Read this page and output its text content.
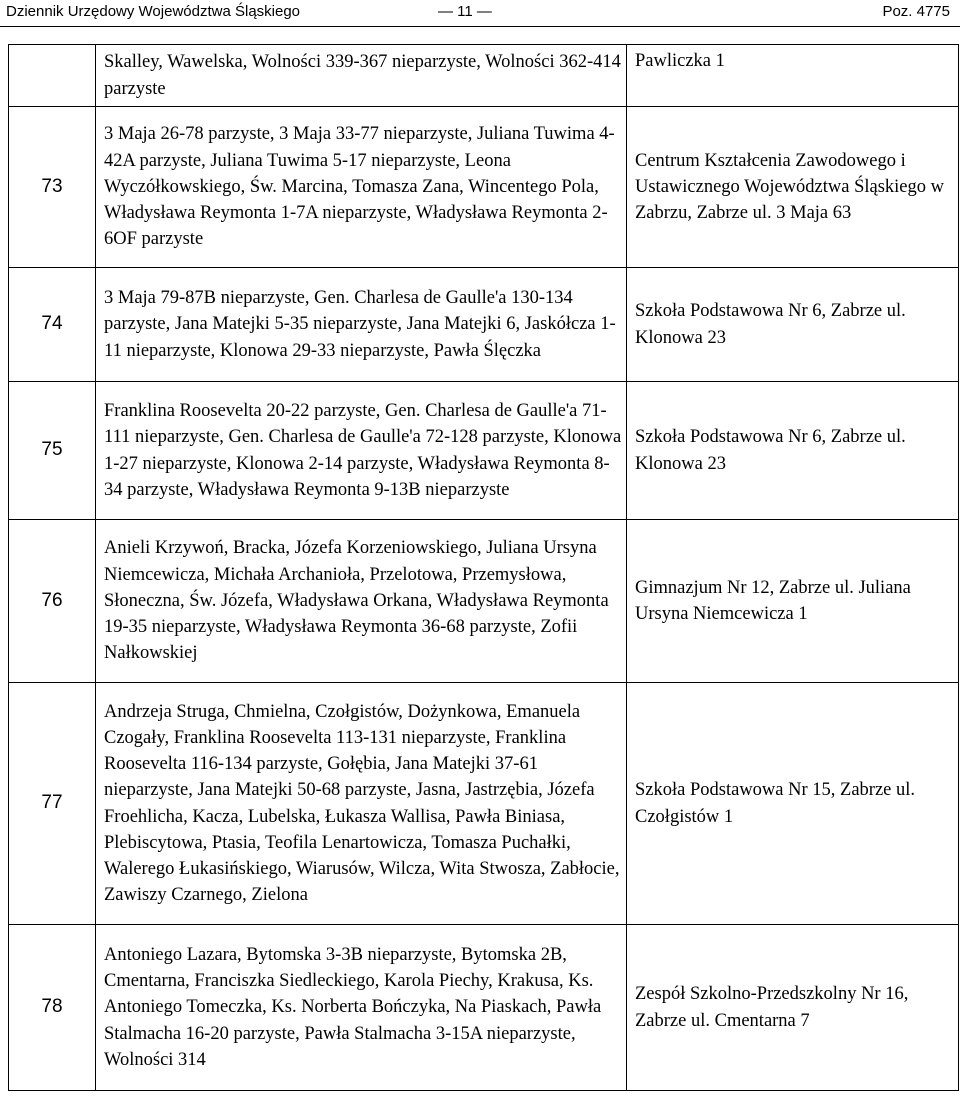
Dziennik Urzędowy Województwa Śląskiego	— 11 —	Poz. 4775
	Skalley, Wawelska, Wolności 339-367 nieparzyste, Wolności 362-414 parzyste	Pawliczka 1
73	3 Maja 26-78 parzyste, 3 Maja 33-77 nieparzyste, Juliana Tuwima 4-42A parzyste, Juliana Tuwima 5-17 nieparzyste, Leona Wyczółkowskiego, Św. Marcina, Tomasza Zana, Wincentego Pola, Władysława Reymonta 1-7A nieparzyste, Władysława Reymonta 2-6OF parzyste	Centrum Kształcenia Zawodowego i Ustawicznego Województwa Śląskiego w Zabrzu, Zabrze ul. 3 Maja 63
74	3 Maja 79-87B nieparzyste, Gen. Charlesa de Gaulle'a 130-134 parzyste, Jana Matejki 5-35 nieparzyste, Jana Matejki 6, Jaskółcza 1-11 nieparzyste, Klonowa 29-33 nieparzyste, Pawła Ślęczka	Szkoła Podstawowa Nr 6, Zabrze ul. Klonowa 23
75	Franklina Roosevelta 20-22 parzyste, Gen. Charlesa de Gaulle'a 71-111 nieparzyste, Gen. Charlesa de Gaulle'a 72-128 parzyste, Klonowa 1-27 nieparzyste, Klonowa 2-14 parzyste, Władysława Reymonta 8-34 parzyste, Władysława Reymonta 9-13B nieparzyste	Szkoła Podstawowa Nr 6, Zabrze ul. Klonowa 23
76	Anieli Krzywoń, Bracka, Józefa Korzeniowskiego, Juliana Ursyna Niemcewicza, Michała Archanioła, Przelotowa, Przemysłowa, Słoneczna, Św. Józefa, Władysława Orkana, Władysława Reymonta 19-35 nieparzyste, Władysława Reymonta 36-68 parzyste, Zofii Nałkowskiej	Gimnazjum Nr 12, Zabrze ul. Juliana Ursyna Niemcewicza 1
77	Andrzeja Struga, Chmielna, Czołgistów, Dożynkowa, Emanuela Czogały, Franklina Roosevelta 113-131 nieparzyste, Franklina Roosevelta 116-134 parzyste, Gołębia, Jana Matejki 37-61 nieparzyste, Jana Matejki 50-68 parzyste, Jasna, Jastrzębia, Józefa Froehlicha, Kacza, Lubelska, Łukasza Wallisa, Pawła Biniasa, Plebiscytowa, Ptasia, Teofila Lenartowicza, Tomasza Puchałki, Walerego Łukasińskiego, Wiarusów, Wilcza, Wita Stwosza, Zabłocie, Zawiszy Czarnego, Zielona	Szkoła Podstawowa Nr 15, Zabrze ul. Czołgistów 1
78	Antoniego Lazara, Bytomska 3-3B nieparzyste, Bytomska 2B, Cmentarna, Franciszka Siedleckiego, Karola Piechy, Krakusa, Ks. Antoniego Tomeczka, Ks. Norberta Bończyka, Na Piaskach, Pawła Stalmacha 16-20 parzyste, Pawła Stalmacha 3-15A nieparzyste, Wolności 314	Zespół Szkolno-Przedszkolny Nr 16, Zabrze ul. Cmentarna 7
